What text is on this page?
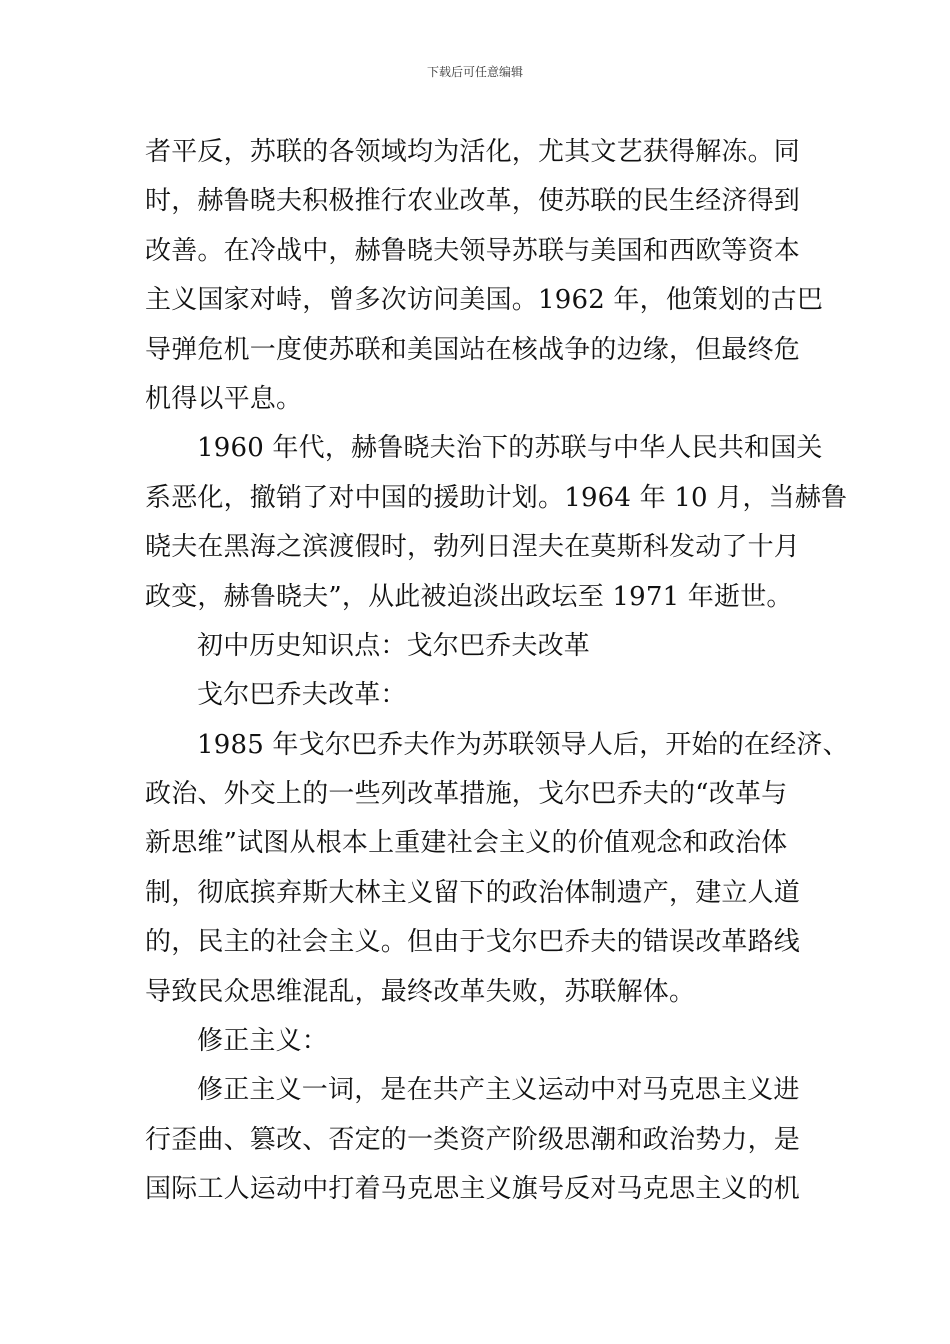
下载后可任意编辑
者平反，苏联的各领域均为活化，尤其文艺获得解冻。同
时，赫鲁晓夫积极推行农业改革，使苏联的民生经济得到
改善。在冷战中，赫鲁晓夫领导苏联与美国和西欧等资本
主义国家对峙，曾多次访问美国。1962 年，他策划的古巴
导弹危机一度使苏联和美国站在核战争的边缘，但最终危
机得以平息。
1960 年代，赫鲁晓夫治下的苏联与中华人民共和国关
系恶化，撤销了对中国的援助计划。1964 年 10 月，当赫鲁
晓夫在黑海之滨渡假时，勃列日涅夫在莫斯科发动了十月
政变，赫鲁晓夫”，从此被迫淡出政坛至 1971 年逝世。
初中历史知识点：戈尔巴乔夫改革
戈尔巴乔夫改革：
1985 年戈尔巴乔夫作为苏联领导人后，开始的在经济、
政治、外交上的一些列改革措施，戈尔巴乔夫的“改革与
新思维”试图从根本上重建社会主义的价值观念和政治体
制，彻底摈弃斯大林主义留下的政治体制遗产，建立人道
的，民主的社会主义。但由于戈尔巴乔夫的错误改革路线
导致民众思维混乱，最终改革失败，苏联解体。
修正主义：
修正主义一词，是在共产主义运动中对马克思主义进
行歪曲、篡改、否定的一类资产阶级思潮和政治势力，是
国际工人运动中打着马克思主义旗号反对马克思主义的机
